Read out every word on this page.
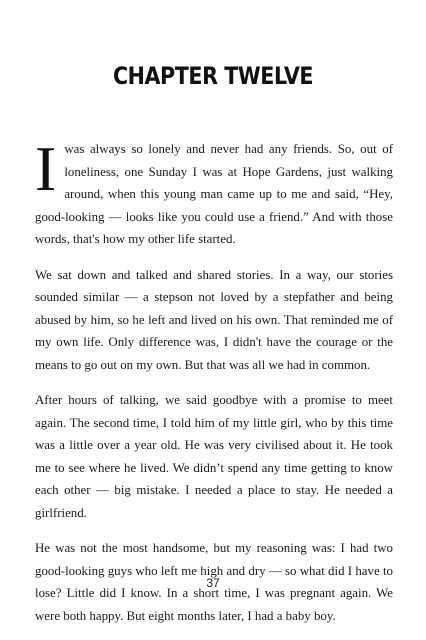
CHAPTER TWELVE

Iwas always so lonely and never had any friends. So, out of loneliness, one Sunday I was at Hope Gardens, just walking around, when this young man came up to me and said, “Hey, good-looking — looks like you could use a friend.” And with those words, that's how my other life started.

We sat down and talked and shared stories. In a way, our stories sounded similar — a stepson not loved by a stepfather and being abused by him, so he left and lived on his own. That reminded me of my own life. Only difference was, I didn't have the courage or the means to go out on my own. But that was all we had in common.

After hours of talking, we said goodbye with a promise to meet again. The second time, I told him of my little girl, who by this time was a little over a year old. He was very civilised about it. He took me to see where he lived. We didn’t spend any time getting to know each other — big mistake. I needed a place to stay. He needed a girlfriend.

He was not the most handsome, but my reasoning was: I had two good-looking guys who left me high and dry — so what did I have to lose? Little did I know. In a short time, I was pregnant again. We were both happy. But eight months later, I had a baby boy.

37
